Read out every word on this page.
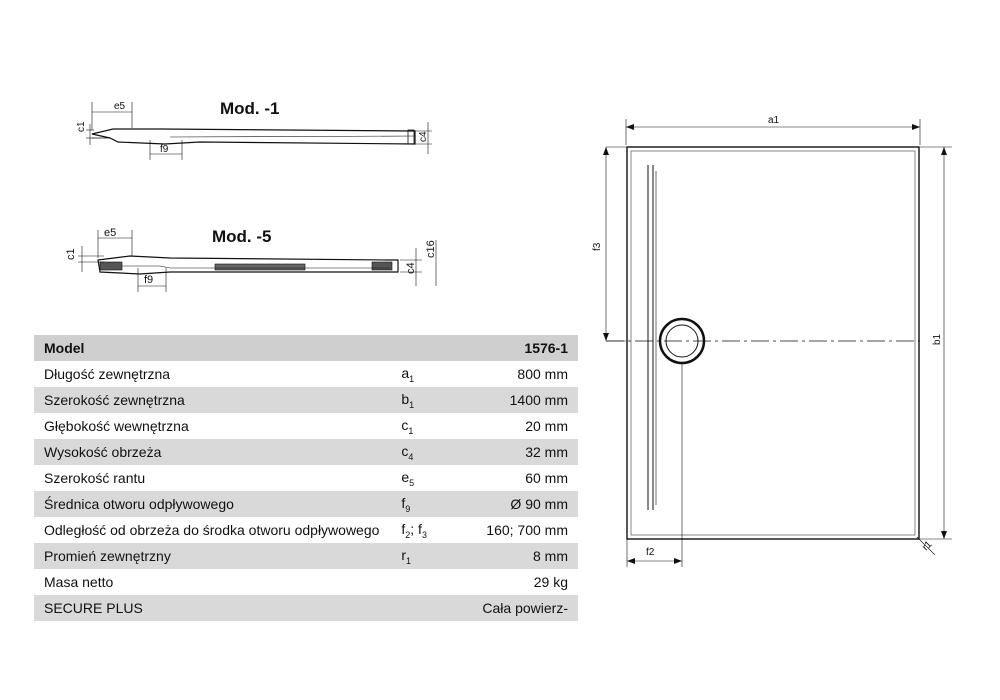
Mod. -1
e5
c1
f9
c4
Mod. -5
e5
c1
f9
c4
c16
a1
f3
b1
f2	r1
Model		1576-1
Długość zewnętrzna	$a_1$	800 mm
Szerokość zewnętrzna	$b_1$	1400 mm
Głębokość wewnętrzna	$c_1$	20 mm
Wysokość obrzeża	$c_4$	32 mm
Szerokość rantu	$e_5$	60 mm
Średnica otworu odpływowego	$f_9$	Ø 90 mm
Odległość od obrzeża do środka otworu odpływowego	$f_2$; $f_3$	160; 700 mm
Promień zewnętrzny	$r_1$	8 mm
Masa netto		29 kg
SECURE PLUS		Cała powierz-
